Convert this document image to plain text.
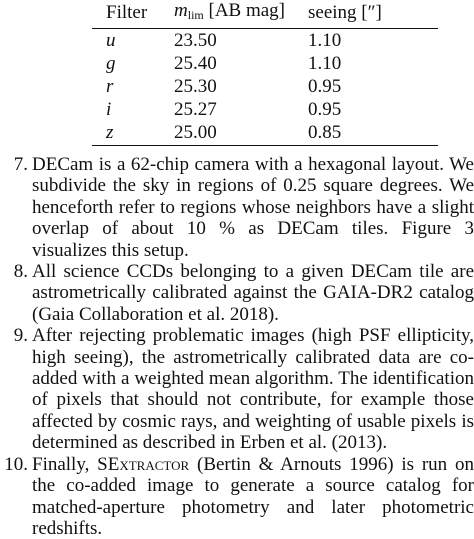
Filter	$m_{lim}$ [AB mag]	seeing [″]
u	23.50	1.10
g	25.40	1.10
r	25.30	0.95
i	25.27	0.95
z	25.00	0.85
7. DECam is a 62-chip camera with a hexagonal layout. We subdivide the sky in regions of 0.25 square degrees. We henceforth refer to regions whose neighbors have a slight overlap of about 10 % as DECam tiles. Figure 3 visualizes this setup.
8. All science CCDs belonging to a given DECam tile are astrometrically calibrated against the GAIA-DR2 catalog (Gaia Collaboration et al. 2018).
9. After rejecting problematic images (high PSF ellipticity, high seeing), the astrometrically calibrated data are co-added with a weighted mean algorithm. The identification of pixels that should not contribute, for example those affected by cosmic rays, and weighting of usable pixels is determined as described in Erben et al. (2013).
10. Finally, SExtractor (Bertin & Arnouts 1996) is run on the co-added image to generate a source catalog for matched-aperture photometry and later photometric redshifts.
